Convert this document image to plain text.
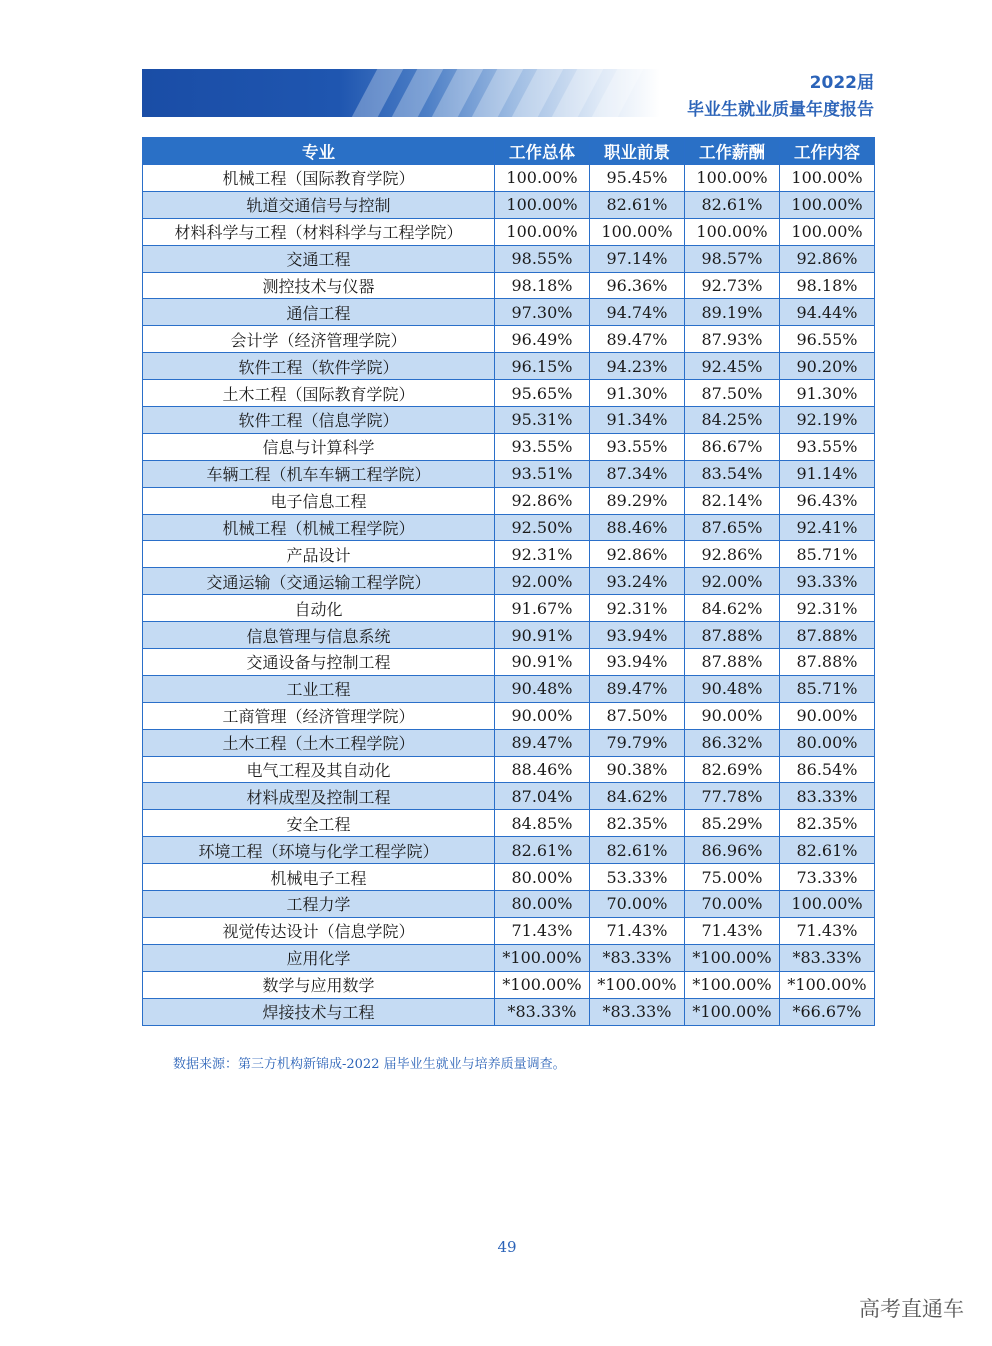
2022届
毕业生就业质量年度报告
专业	工作总体	职业前景	工作薪酬	工作内容
机械工程（国际教育学院）	100.00%	95.45%	100.00%	100.00%
轨道交通信号与控制	100.00%	82.61%	82.61%	100.00%
材料科学与工程（材料科学与工程学院）	100.00%	100.00%	100.00%	100.00%
交通工程	98.55%	97.14%	98.57%	92.86%
测控技术与仪器	98.18%	96.36%	92.73%	98.18%
通信工程	97.30%	94.74%	89.19%	94.44%
会计学（经济管理学院）	96.49%	89.47%	87.93%	96.55%
软件工程（软件学院）	96.15%	94.23%	92.45%	90.20%
土木工程（国际教育学院）	95.65%	91.30%	87.50%	91.30%
软件工程（信息学院）	95.31%	91.34%	84.25%	92.19%
信息与计算科学	93.55%	93.55%	86.67%	93.55%
车辆工程（机车车辆工程学院）	93.51%	87.34%	83.54%	91.14%
电子信息工程	92.86%	89.29%	82.14%	96.43%
机械工程（机械工程学院）	92.50%	88.46%	87.65%	92.41%
产品设计	92.31%	92.86%	92.86%	85.71%
交通运输（交通运输工程学院）	92.00%	93.24%	92.00%	93.33%
自动化	91.67%	92.31%	84.62%	92.31%
信息管理与信息系统	90.91%	93.94%	87.88%	87.88%
交通设备与控制工程	90.91%	93.94%	87.88%	87.88%
工业工程	90.48%	89.47%	90.48%	85.71%
工商管理（经济管理学院）	90.00%	87.50%	90.00%	90.00%
土木工程（土木工程学院）	89.47%	79.79%	86.32%	80.00%
电气工程及其自动化	88.46%	90.38%	82.69%	86.54%
材料成型及控制工程	87.04%	84.62%	77.78%	83.33%
安全工程	84.85%	82.35%	85.29%	82.35%
环境工程（环境与化学工程学院）	82.61%	82.61%	86.96%	82.61%
机械电子工程	80.00%	53.33%	75.00%	73.33%
工程力学	80.00%	70.00%	70.00%	100.00%
视觉传达设计（信息学院）	71.43%	71.43%	71.43%	71.43%
应用化学	*100.00%	*83.33%	*100.00%	*83.33%
数学与应用数学	*100.00%	*100.00%	*100.00%	*100.00%
焊接技术与工程	*83.33%	*83.33%	*100.00%	*66.67%
数据来源：第三方机构新锦成-2022 届毕业生就业与培养质量调查。
49
高考直通车
